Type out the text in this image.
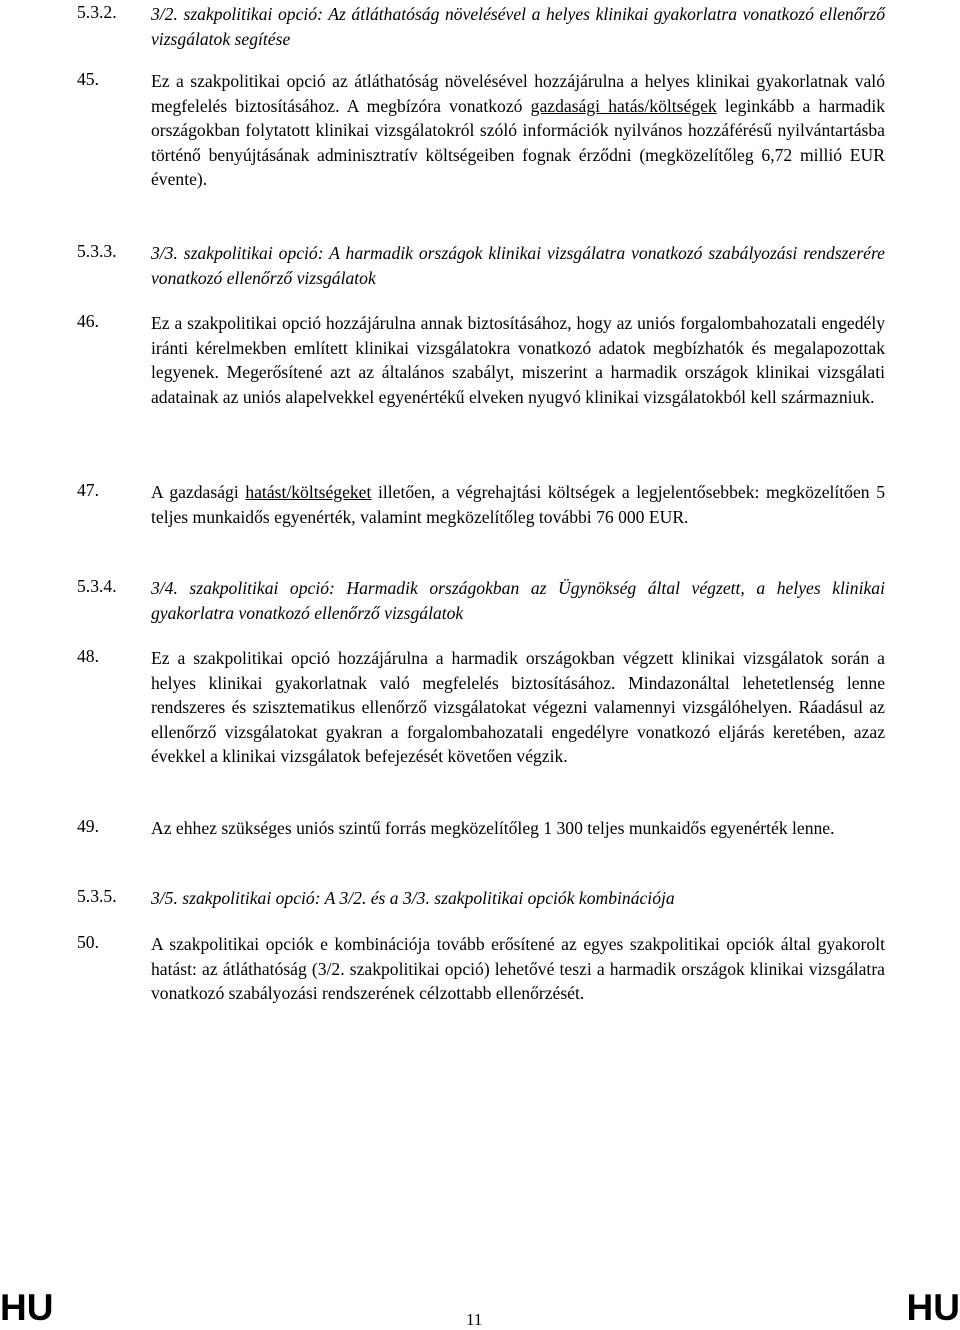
5.3.2. 3/2. szakpolitikai opció: Az átláthatóság növelésével a helyes klinikai gyakorlatra vonatkozó ellenőrző vizsgálatok segítése
45.	Ez a szakpolitikai opció az átláthatóság növelésével hozzájárulna a helyes klinikai gyakorlatnak való megfelelés biztosításához. A megbízóra vonatkozó gazdasági hatás/költségek leginkább a harmadik országokban folytatott klinikai vizsgálatokról szóló információk nyilvános hozzáférésű nyilvántartásba történő benyújtásának adminisztratív költségeiben fognak érződni (megközelítőleg 6,72 millió EUR évente).
5.3.3. 3/3. szakpolitikai opció: A harmadik országok klinikai vizsgálatra vonatkozó szabályozási rendszerére vonatkozó ellenőrző vizsgálatok
46.	Ez a szakpolitikai opció hozzájárulna annak biztosításához, hogy az uniós forgalombahozatali engedély iránti kérelmekben említett klinikai vizsgálatokra vonatkozó adatok megbízhatók és megalapozottak legyenek. Megerősítené azt az általános szabályt, miszerint a harmadik országok klinikai vizsgálati adatainak az uniós alapelvekkel egyenértékű elveken nyugvó klinikai vizsgálatokból kell származniuk.
47.	A gazdasági hatást/költségeket illetően, a végrehajtási költségek a legjelentősebbek: megközelítően 5 teljes munkaidős egyenérték, valamint megközelítőleg további 76 000 EUR.
5.3.4. 3/4. szakpolitikai opció: Harmadik országokban az Ügynökség által végzett, a helyes klinikai gyakorlatra vonatkozó ellenőrző vizsgálatok
48.	Ez a szakpolitikai opció hozzájárulna a harmadik országokban végzett klinikai vizsgálatok során a helyes klinikai gyakorlatnak való megfelelés biztosításához. Mindazonáltal lehetetlenség lenne rendszeres és szisztematikus ellenőrző vizsgálatokat végezni valamennyi vizsgálóhelyen. Ráadásul az ellenőrző vizsgálatokat gyakran a forgalombahozatali engedélyre vonatkozó eljárás keretében, azaz évekkel a klinikai vizsgálatok befejezését követően végzik.
49.	Az ehhez szükséges uniós szintű forrás megközelítőleg 1 300 teljes munkaidős egyenérték lenne.
5.3.5. 3/5. szakpolitikai opció: A 3/2. és a 3/3. szakpolitikai opciók kombinációja
50.	A szakpolitikai opciók e kombinációja tovább erősítené az egyes szakpolitikai opciók által gyakorolt hatást: az átláthatóság (3/2. szakpolitikai opció) lehetővé teszi a harmadik országok klinikai vizsgálatra vonatkozó szabályozási rendszerének célzottabb ellenőrzését.
HU	11	HU
